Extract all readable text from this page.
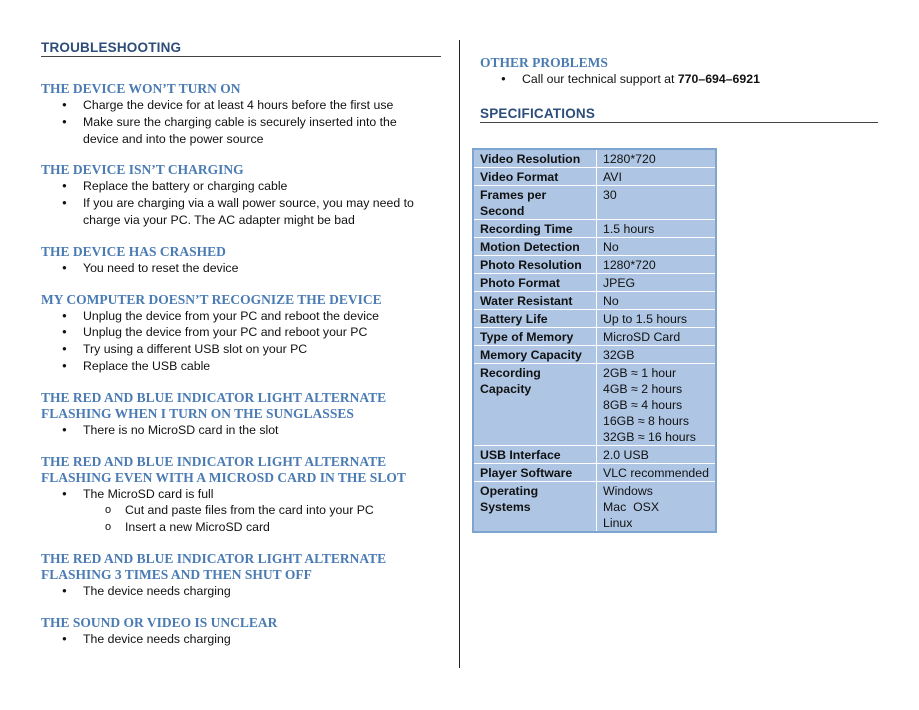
TROUBLESHOOTING
THE DEVICE WON’T TURN ON
● Charge the device for at least 4 hours before the first use
● Make sure the charging cable is securely inserted into the device and into the power source
THE DEVICE ISN’T CHARGING
● Replace the battery or charging cable
● If you are charging via a wall power source, you may need to charge via your PC. The AC adapter might be bad
THE DEVICE HAS CRASHED
● You need to reset the device
MY COMPUTER DOESN’T RECOGNIZE THE DEVICE
● Unplug the device from your PC and reboot the device
● Unplug the device from your PC and reboot your PC
● Try using a different USB slot on your PC
● Replace the USB cable
THE RED AND BLUE INDICATOR LIGHT ALTERNATE FLASHING WHEN I TURN ON THE SUNGLASSES
● There is no MicroSD card in the slot
THE RED AND BLUE INDICATOR LIGHT ALTERNATE FLASHING EVEN WITH A MICROSD CARD IN THE SLOT
● The MicroSD card is full
o Cut and paste files from the card into your PC
o Insert a new MicroSD card
THE RED AND BLUE INDICATOR LIGHT ALTERNATE FLASHING 3 TIMES AND THEN SHUT OFF
● The device needs charging
THE SOUND OR VIDEO IS UNCLEAR
● The device needs charging
OTHER PROBLEMS
● Call our technical support at 770–694–6921
SPECIFICATIONS
Video Resolution	1280*720
Video Format	AVI
Frames per Second	30
Recording Time	1.5 hours
Motion Detection	No
Photo Resolution	1280*720
Photo Format	JPEG
Water Resistant	No
Battery Life	Up to 1.5 hours
Type of Memory	MicroSD Card
Memory Capacity	32GB
Recording Capacity	2GB ≈ 1 hour
4GB ≈ 2 hours
8GB ≈ 4 hours
16GB ≈ 8 hours
32GB ≈ 16 hours

USB Interface	2.0 USB
Player Software	VLC recommended
Operating Systems	Windows
Mac  OSX
Linux
